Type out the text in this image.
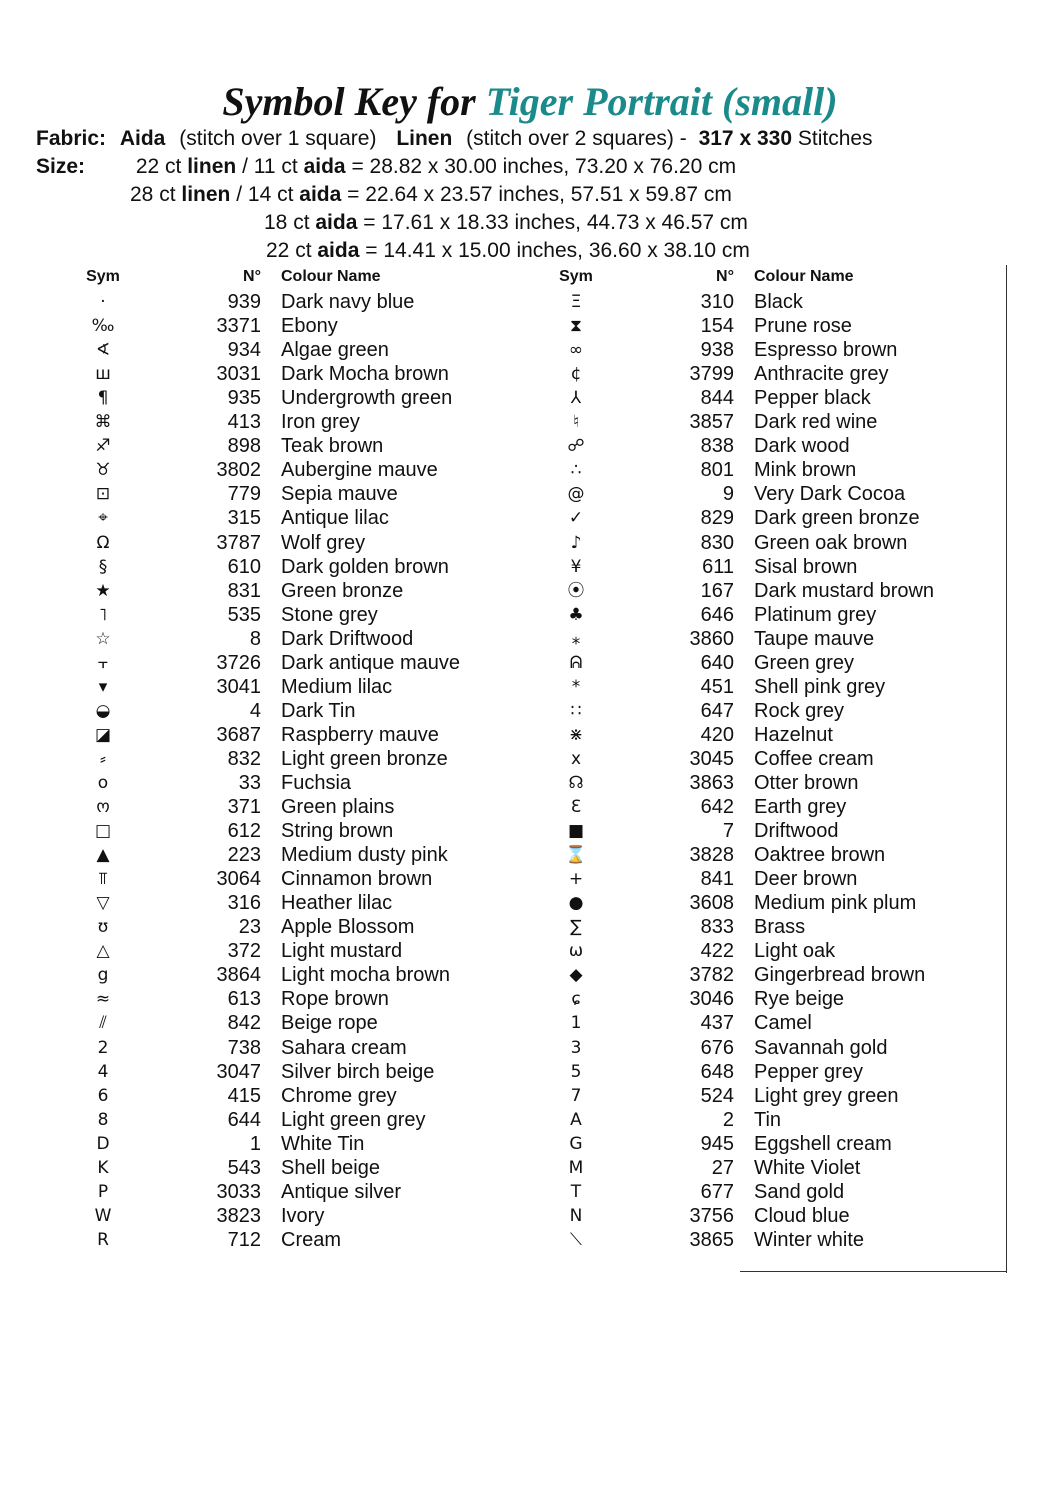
Symbol Key for Tiger Portrait (small)
Fabric: Aida (stitch over 1 square) Linen (stitch over 2 squares) - 317 x 330 Stitches
Size: 22 ct linen / 11 ct aida = 28.82 x 30.00 inches, 73.20 x 76.20 cm
28 ct linen / 14 ct aida = 22.64 x 23.57 inches, 57.51 x 59.87 cm
18 ct aida = 17.61 x 18.33 inches, 44.73 x 46.57 cm
22 ct aida = 14.41 x 15.00 inches, 36.60 x 38.10 cm
Sym	N° Colour Name
·	939 Dark navy blue
‰	3371 Ebony
∢	934 Algae green
ш	3031 Dark Mocha brown
¶	935 Undergrowth green
⌘	413 Iron grey
♐	898 Teak brown
♉	3802 Aubergine mauve
⊡	779 Sepia mauve
⌖	315 Antique lilac
Ω	3787 Wolf grey
§	610 Dark golden brown
★	831 Green bronze
˥	535 Stone grey
☆	8 Dark Driftwood
⫟	3726 Dark antique mauve
▾	3041 Medium lilac
◒	4 Dark Tin
◪	3687 Raspberry mauve
⸗	832 Light green bronze
o	33 Fuchsia
ო	371 Green plains
□	612 String brown
▲	223 Medium dusty pink
⫪	3064 Cinnamon brown
▽	316 Heather lilac
ʊ	23 Apple Blossom
△	372 Light mustard
g	3864 Light mocha brown
≈	613 Rope brown
⫽	842 Beige rope
2	738 Sahara cream
4	3047 Silver birch beige
6	415 Chrome grey
8	644 Light green grey
D	1 White Tin
K	543 Shell beige
P	3033 Antique silver
W	3823 Ivory
R	712 Cream
Sym	N° Colour Name
Ξ	310 Black
⧗	154 Prune rose
∞	938 Espresso brown
¢	3799 Anthracite grey
⅄	844 Pepper black
♮	3857 Dark red wine
☍	838 Dark wood
∴	801 Mink brown
@	9 Very Dark Cocoa
✓	829 Dark green bronze
♪	830 Green oak brown
¥	611 Sisal brown
⦿	167 Dark mustard brown
♣	646 Platinum grey
⁎	3860 Taupe mauve
ᕱ	640 Green grey
*	451 Shell pink grey
∷	647 Rock grey
⋇	420 Hazelnut
x	3045 Coffee cream
☊	3863 Otter brown
Ɛ	642 Earth grey
■	7 Driftwood
⌛	3828 Oaktree brown
+	841 Deer brown
●	3608 Medium pink plum
∑	833 Brass
ω	422 Light oak
◆	3782 Gingerbread brown
ɕ	3046 Rye beige
1	437 Camel
3	676 Savannah gold
5	648 Pepper grey
7	524 Light grey green
A	2 Tin
G	945 Eggshell cream
M	27 White Violet
T	677 Sand gold
N	3756 Cloud blue
⟍	3865 Winter white
